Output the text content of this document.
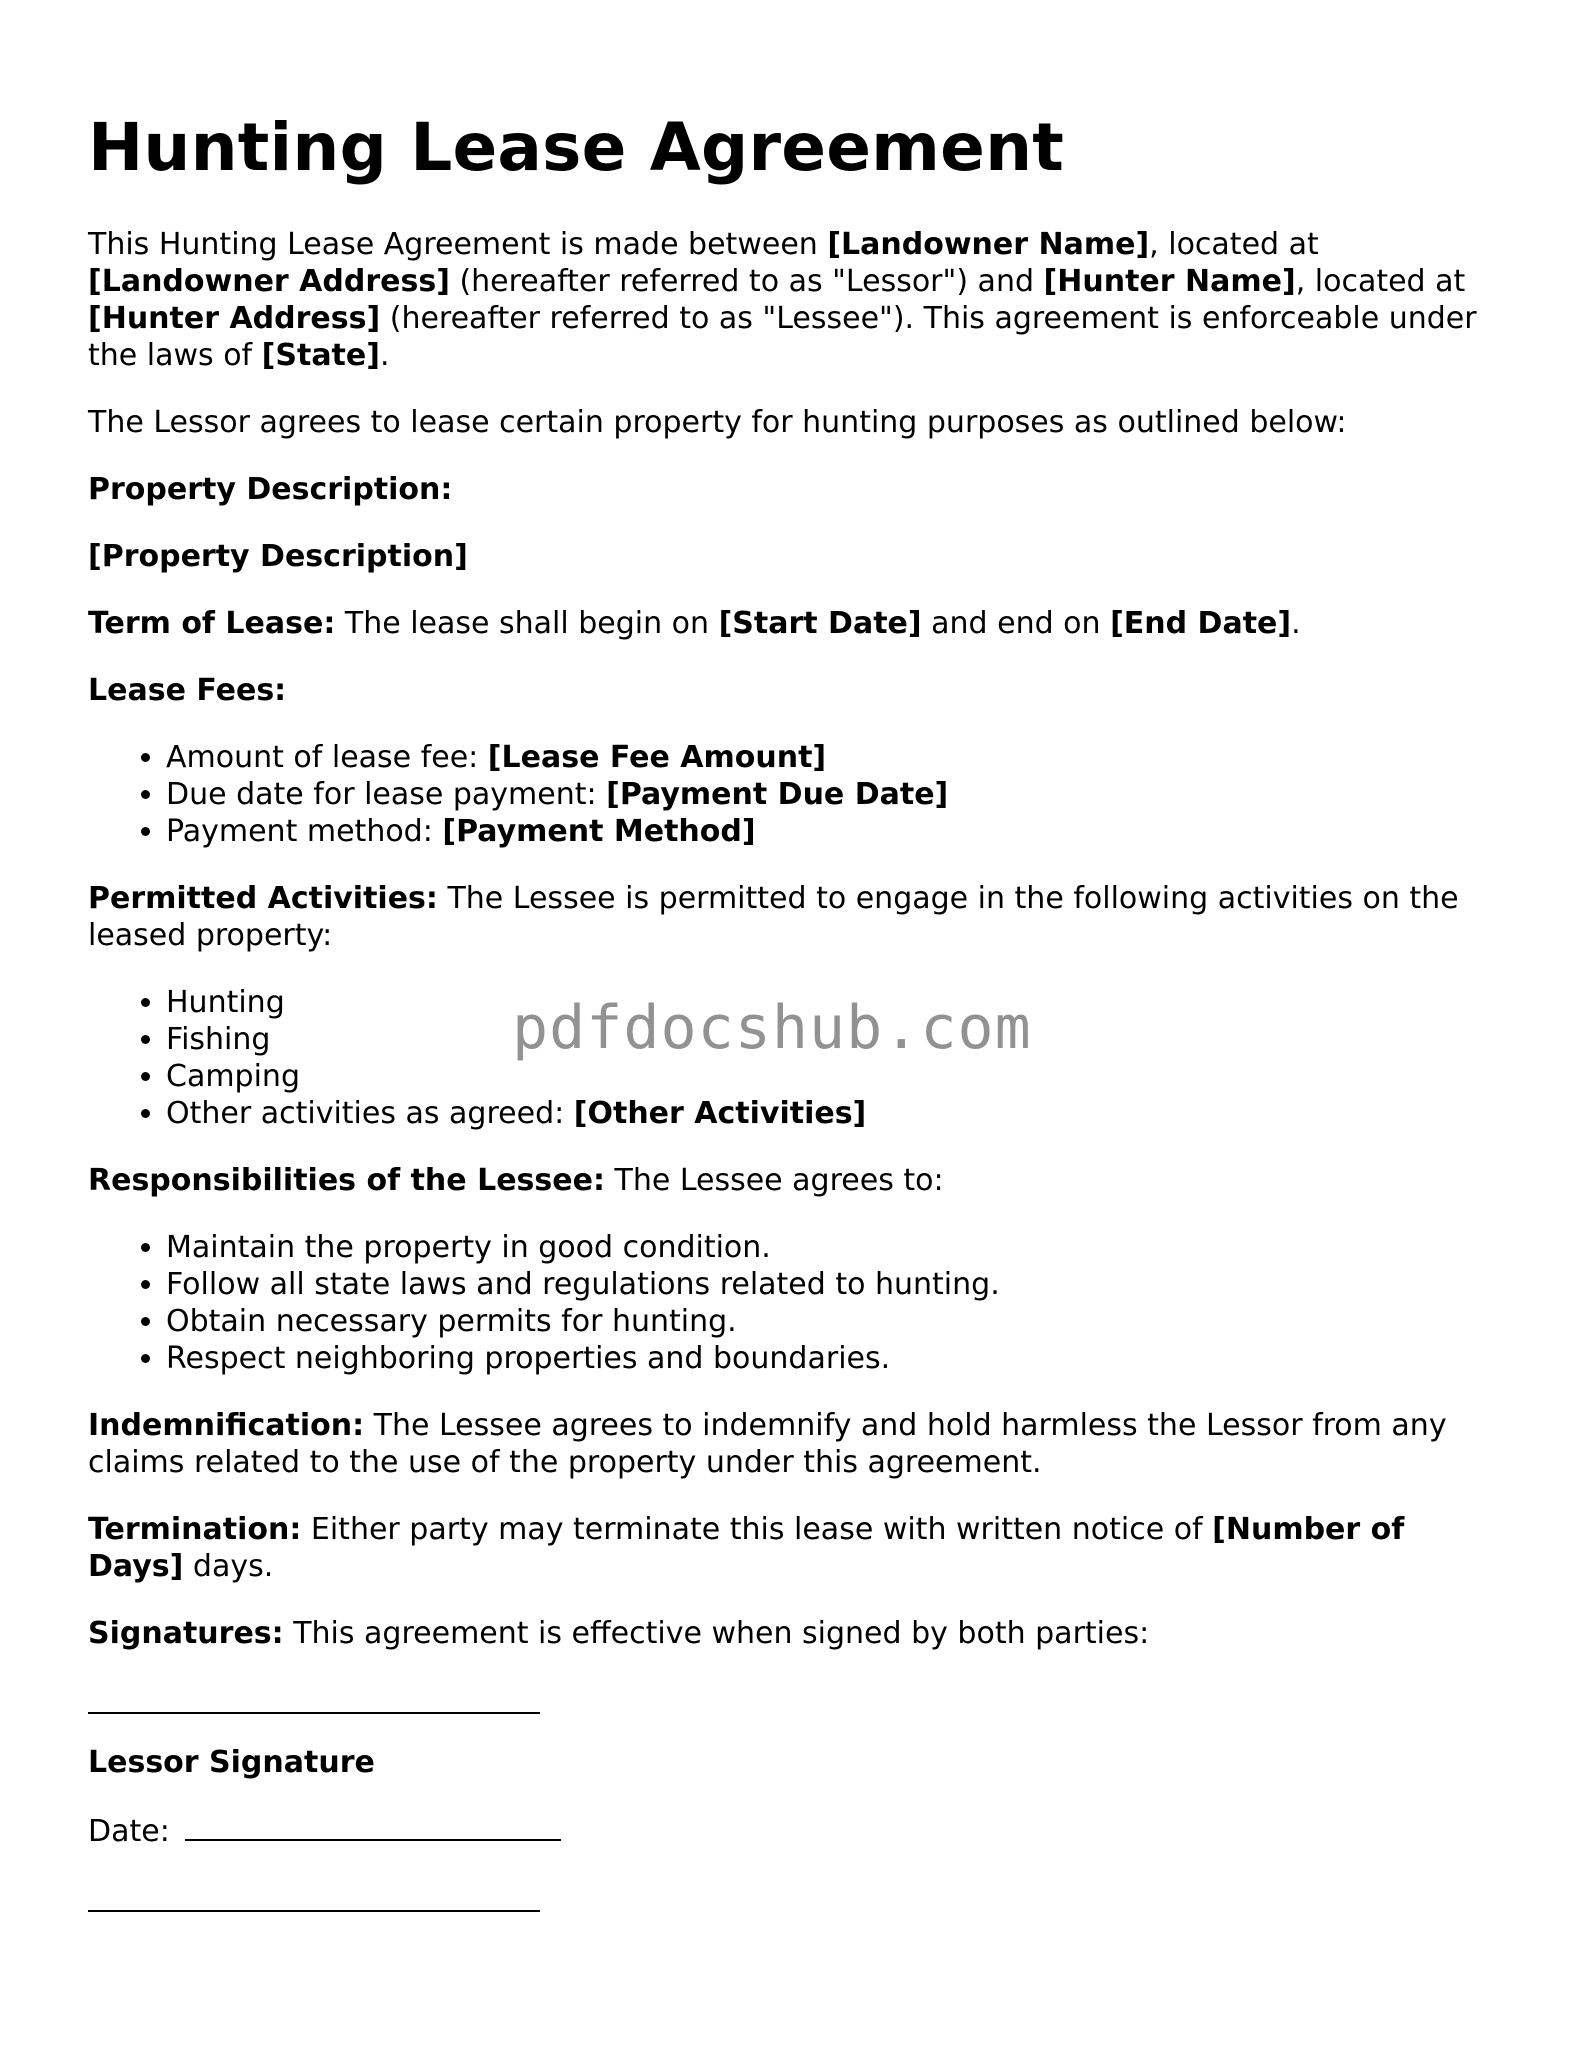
Hunting Lease Agreement

This Hunting Lease Agreement is made between [Landowner Name], located at [Landowner Address] (hereafter referred to as "Lessor") and [Hunter Name], located at [Hunter Address] (hereafter referred to as "Lessee"). This agreement is enforceable under the laws of [State].

The Lessor agrees to lease certain property for hunting purposes as outlined below:

Property Description:

[Property Description]

Term of Lease: The lease shall begin on [Start Date] and end on [End Date].

Lease Fees:

• Amount of lease fee: [Lease Fee Amount]
• Due date for lease payment: [Payment Due Date]
• Payment method: [Payment Method]

Permitted Activities: The Lessee is permitted to engage in the following activities on the leased property:

• Hunting
• Fishing
• Camping
• Other activities as agreed: [Other Activities]

Responsibilities of the Lessee: The Lessee agrees to:

• Maintain the property in good condition.
• Follow all state laws and regulations related to hunting.
• Obtain necessary permits for hunting.
• Respect neighboring properties and boundaries.

Indemnification: The Lessee agrees to indemnify and hold harmless the Lessor from any claims related to the use of the property under this agreement.

Termination: Either party may terminate this lease with written notice of [Number of Days] days.

Signatures: This agreement is effective when signed by both parties:

Lessor Signature
Date:
pdfdocshub.com
